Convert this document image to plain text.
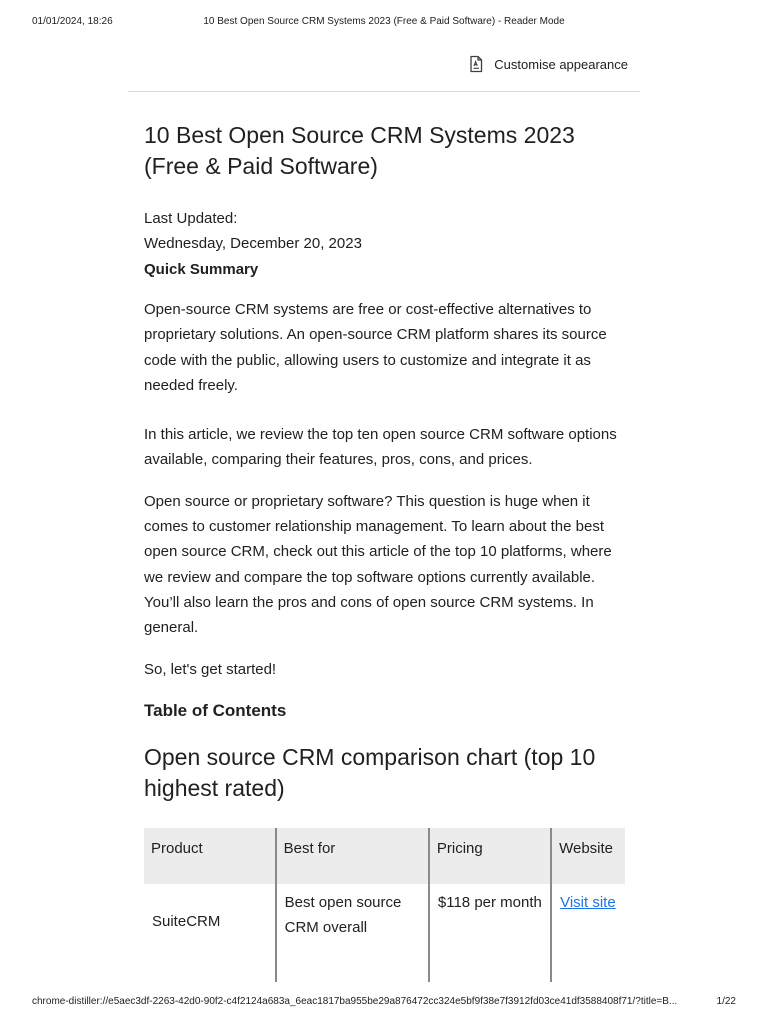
01/01/2024, 18:26	10 Best Open Source CRM Systems 2023 (Free & Paid Software) - Reader Mode
Customise appearance
10 Best Open Source CRM Systems 2023 (Free & Paid Software)
Last Updated:
Wednesday, December 20, 2023
Quick Summary

Open-source CRM systems are free or cost-effective alternatives to proprietary solutions. An open-source CRM platform shares its source code with the public, allowing users to customize and integrate it as needed freely.

In this article, we review the top ten open source CRM software options available, comparing their features, pros, cons, and prices.

Open source or proprietary software? This question is huge when it comes to customer relationship management. To learn about the best open source CRM, check out this article of the top 10 platforms, where we review and compare the top software options currently available. You’ll also learn the pros and cons of open source CRM systems. In general.

So, let's get started!

Table of Contents
Open source CRM comparison chart (top 10 highest rated)
Product	Best for	Pricing	Website
SuiteCRM	Best open source CRM overall	$118 per month	Visit site
chrome-distiller://e5aec3df-2263-42d0-90f2-c4f2124a683a_6eac1817ba955be29a876472cc324e5bf9f38e7f3912fd03ce41df3588408f71/?title=B...	1/22
